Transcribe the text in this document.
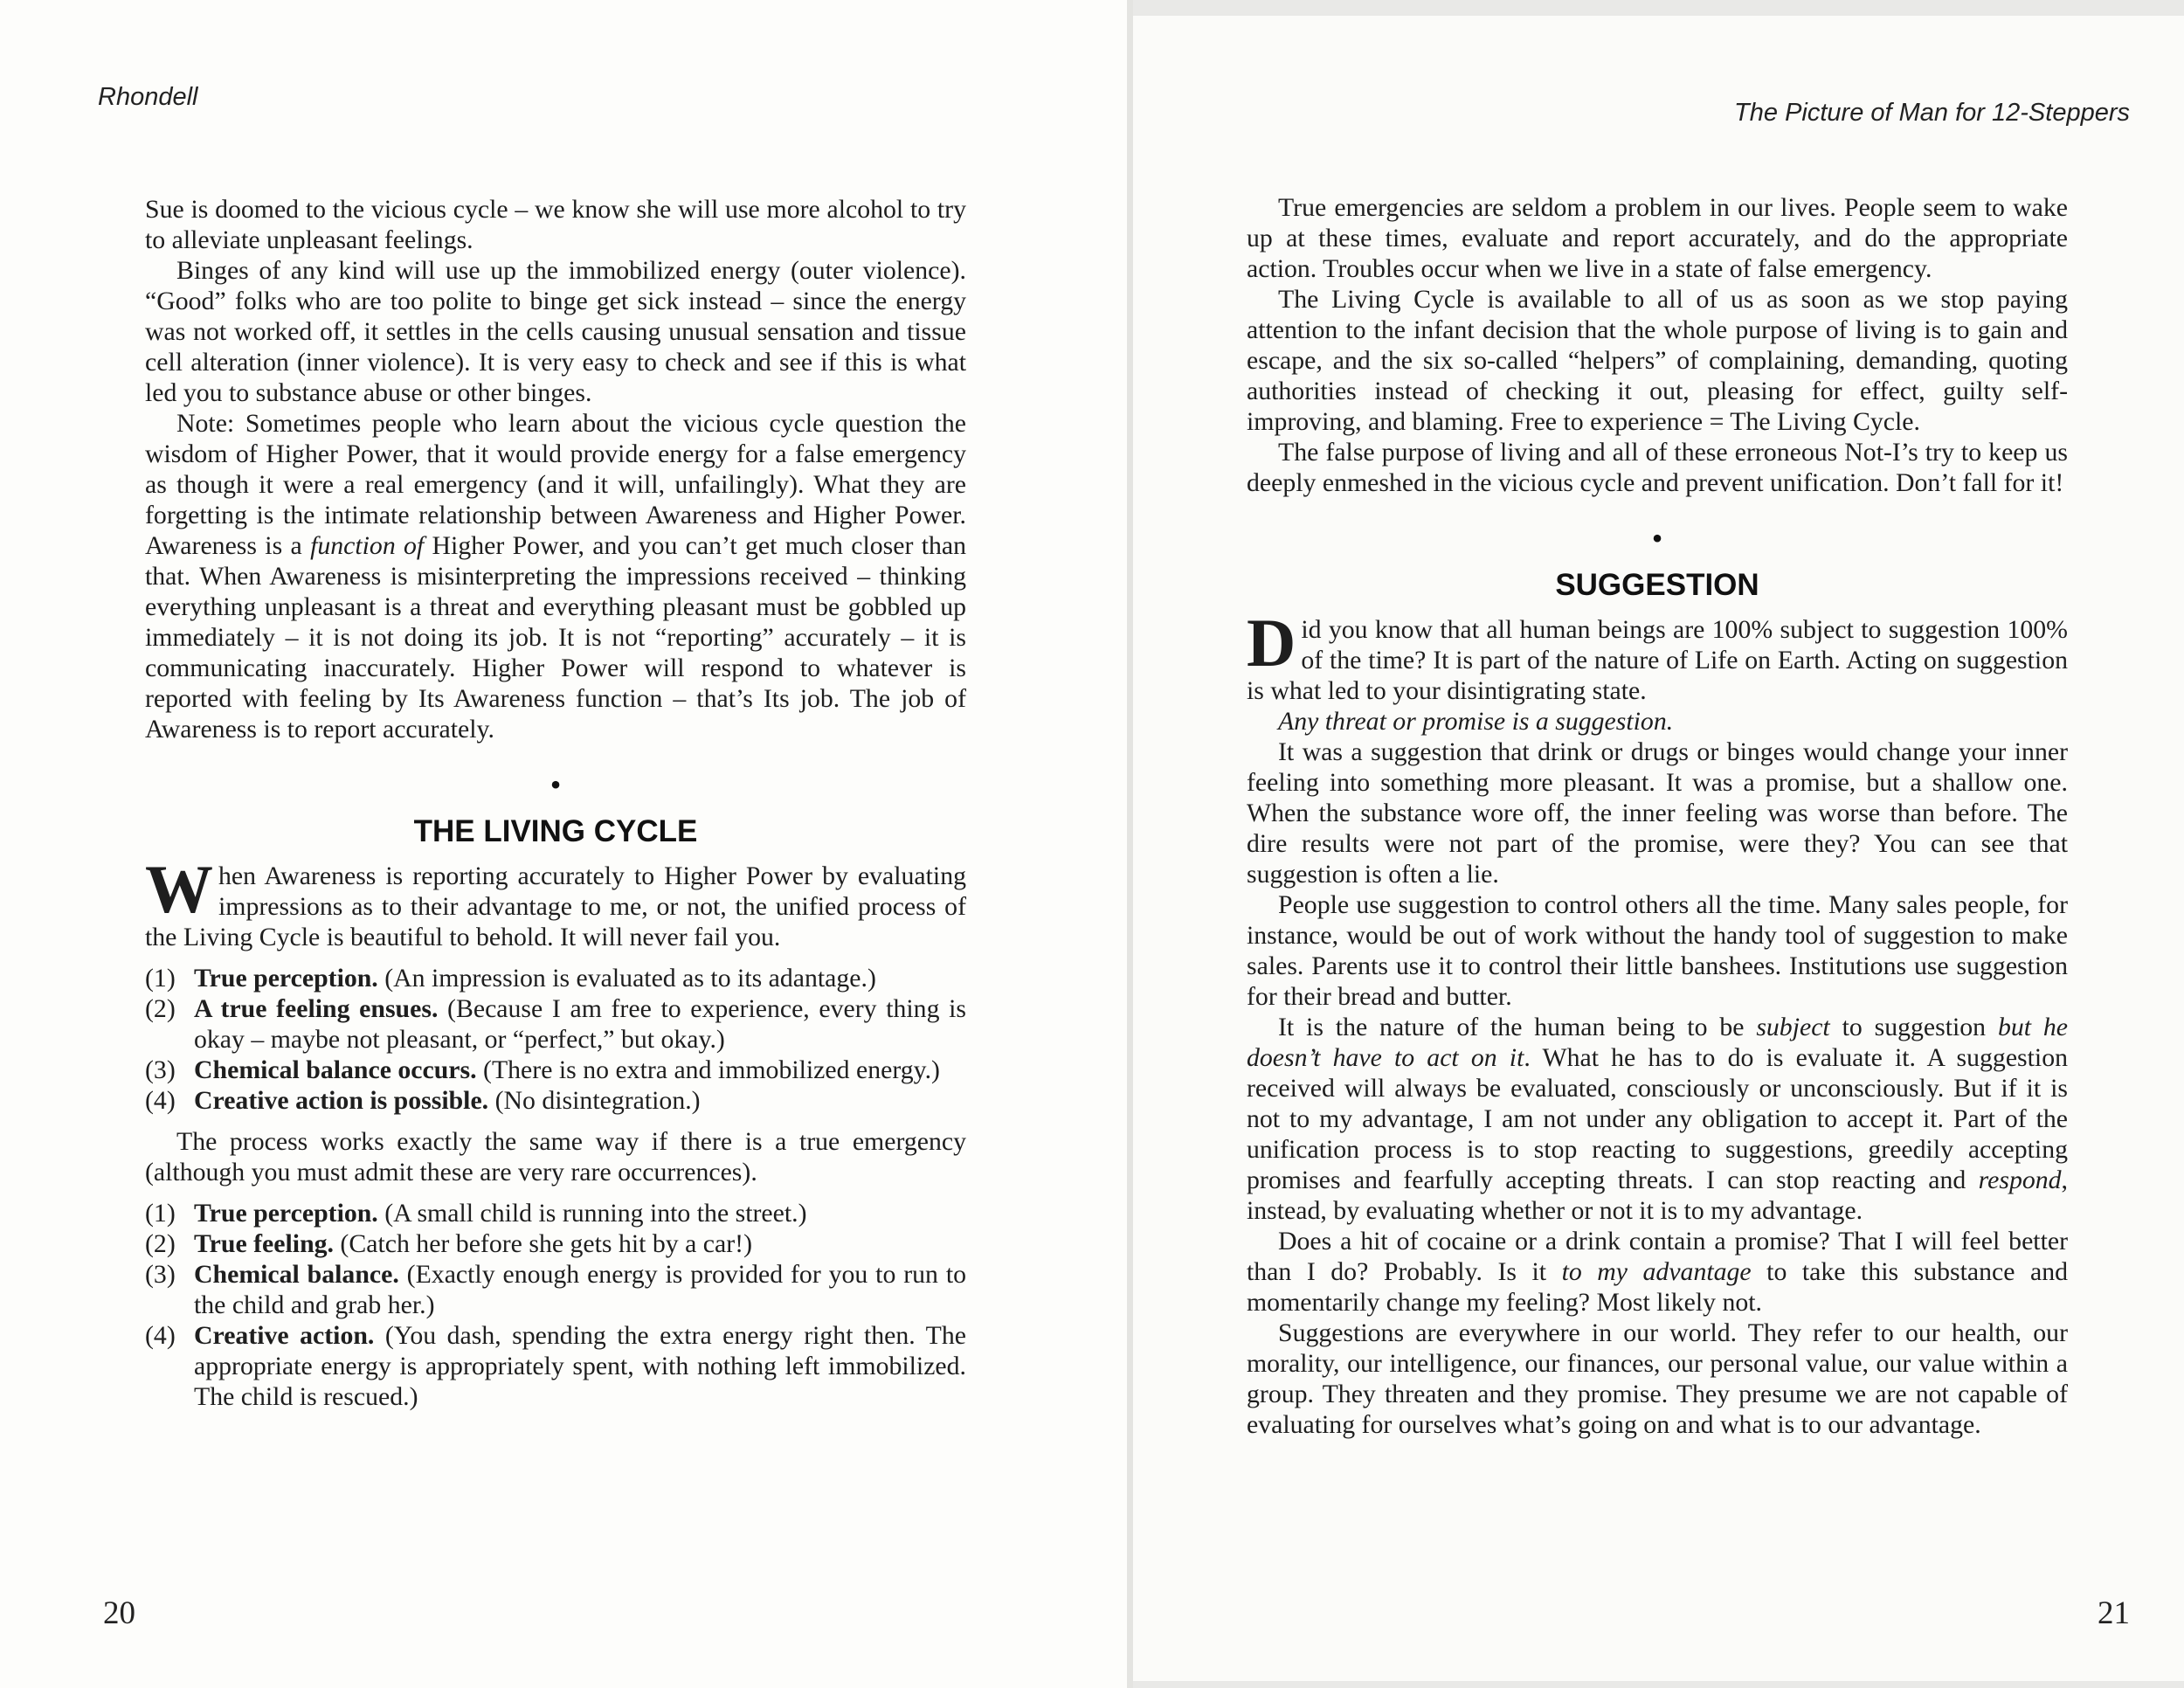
Rhondell

Sue is doomed to the vicious cycle – we know she will use more alcohol to try to alleviate unpleasant feelings.

Binges of any kind will use up the immobilized energy (outer violence). “Good” folks who are too polite to binge get sick instead – since the energy was not worked off, it settles in the cells causing unusual sensation and tissue cell alteration (inner violence). It is very easy to check and see if this is what led you to substance abuse or other binges.

Note: Sometimes people who learn about the vicious cycle question the wisdom of Higher Power, that it would provide energy for a false emergency as though it were a real emergency (and it will, unfailingly). What they are forgetting is the intimate relationship between Awareness and Higher Power. Awareness is a function of Higher Power, and you can’t get much closer than that. When Awareness is misinterpreting the impressions received – thinking everything unpleasant is a threat and everything pleasant must be gobbled up immediately – it is not doing its job. It is not “reporting” accurately – it is communicating inaccurately. Higher Power will respond to whatever is reported with feeling by Its Awareness function – that’s Its job. The job of Awareness is to report accurately.

•
THE LIVING CYCLE

When Awareness is reporting accurately to Higher Power by evaluating impressions as to their advantage to me, or not, the unified process of the Living Cycle is beautiful to behold. It will never fail you.

(1) True perception. (An impression is evaluated as to its adantage.)
(2) A true feeling ensues. (Because I am free to experience, every thing is okay – maybe not pleasant, or “perfect,” but okay.)
(3) Chemical balance occurs. (There is no extra and immobilized energy.)
(4) Creative action is possible. (No disintegration.)

The process works exactly the same way if there is a true emergency (although you must admit these are very rare occurrences).

(1) True perception. (A small child is running into the street.)
(2) True feeling. (Catch her before she gets hit by a car!)
(3) Chemical balance. (Exactly enough energy is provided for you to run to the child and grab her.)
(4) Creative action. (You dash, spending the extra energy right then. The appropriate energy is appropriately spent, with nothing left immobilized. The child is rescued.)
20
The Picture of Man for 12-Steppers

True emergencies are seldom a problem in our lives. People seem to wake up at these times, evaluate and report accurately, and do the appropriate action. Troubles occur when we live in a state of false emergency.

The Living Cycle is available to all of us as soon as we stop paying attention to the infant decision that the whole purpose of living is to gain and escape, and the six so-called “helpers” of complaining, demanding, quoting authorities instead of checking it out, pleasing for effect, guilty self-improving, and blaming. Free to experience = The Living Cycle.

The false purpose of living and all of these erroneous Not-I’s try to keep us deeply enmeshed in the vicious cycle and prevent unification. Don’t fall for it!

•
SUGGESTION

Did you know that all human beings are 100% subject to suggestion 100% of the time? It is part of the nature of Life on Earth. Acting on suggestion is what led to your disintigrating state.

Any threat or promise is a suggestion.

It was a suggestion that drink or drugs or binges would change your inner feeling into something more pleasant. It was a promise, but a shallow one. When the substance wore off, the inner feeling was worse than before. The dire results were not part of the promise, were they? You can see that suggestion is often a lie.

People use suggestion to control others all the time. Many sales people, for instance, would be out of work without the handy tool of suggestion to make sales. Parents use it to control their little banshees. Institutions use suggestion for their bread and butter.

It is the nature of the human being to be subject to suggestion but he doesn’t have to act on it. What he has to do is evaluate it. A suggestion received will always be evaluated, consciously or unconsciously. But if it is not to my advantage, I am not under any obligation to accept it. Part of the unification process is to stop reacting to suggestions, greedily accepting promises and fearfully accepting threats. I can stop reacting and respond, instead, by evaluating whether or not it is to my advantage.

Does a hit of cocaine or a drink contain a promise? That I will feel better than I do? Probably. Is it to my advantage to take this substance and momentarily change my feeling? Most likely not.

Suggestions are everywhere in our world. They refer to our health, our morality, our intelligence, our finances, our personal value, our value within a group. They threaten and they promise. They presume we are not capable of evaluating for ourselves what’s going on and what is to our advantage.

21
